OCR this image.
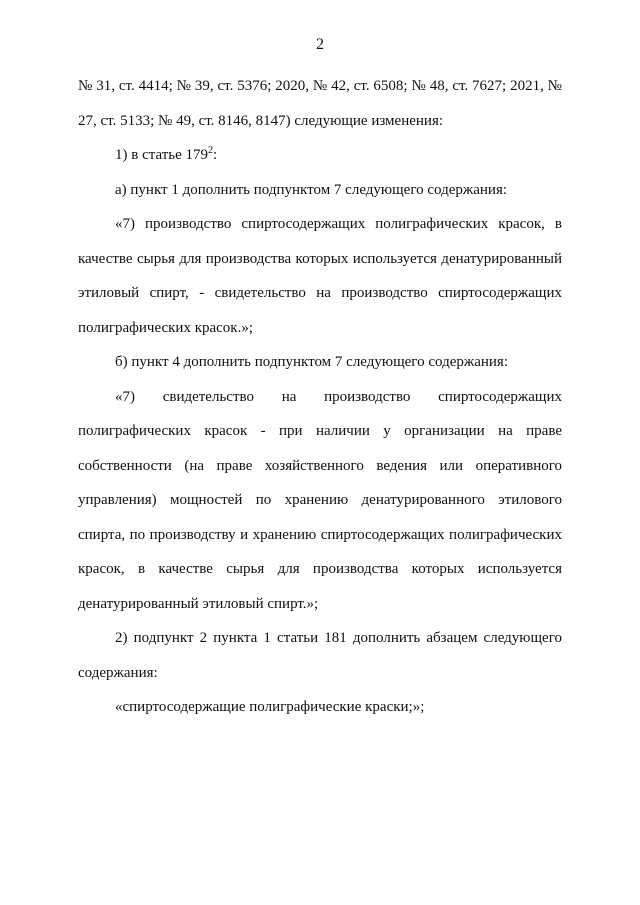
2

№ 31, ст. 4414; № 39, ст. 5376; 2020, № 42, ст. 6508; № 48, ст. 7627; 2021, № 27, ст. 5133; № 49, ст. 8146, 8147) следующие изменения:

1) в статье $179^2$:

а) пункт 1 дополнить подпунктом 7 следующего содержания:

«7) производство спиртосодержащих полиграфических красок, в качестве сырья для производства которых используется денатурированный этиловый спирт, - свидетельство на производство спиртосодержащих полиграфических красок.»;

б) пункт 4 дополнить подпунктом 7 следующего содержания:

«7) свидетельство на производство спиртосодержащих полиграфических красок - при наличии у организации на праве собственности (на праве хозяйственного ведения или оперативного управления) мощностей по хранению денатурированного этилового спирта, по производству и хранению спиртосодержащих полиграфических красок, в качестве сырья для производства которых используется денатурированный этиловый спирт.»;

2) подпункт 2 пункта 1 статьи 181 дополнить абзацем следующего содержания:

«спиртосодержащие полиграфические краски;»;
